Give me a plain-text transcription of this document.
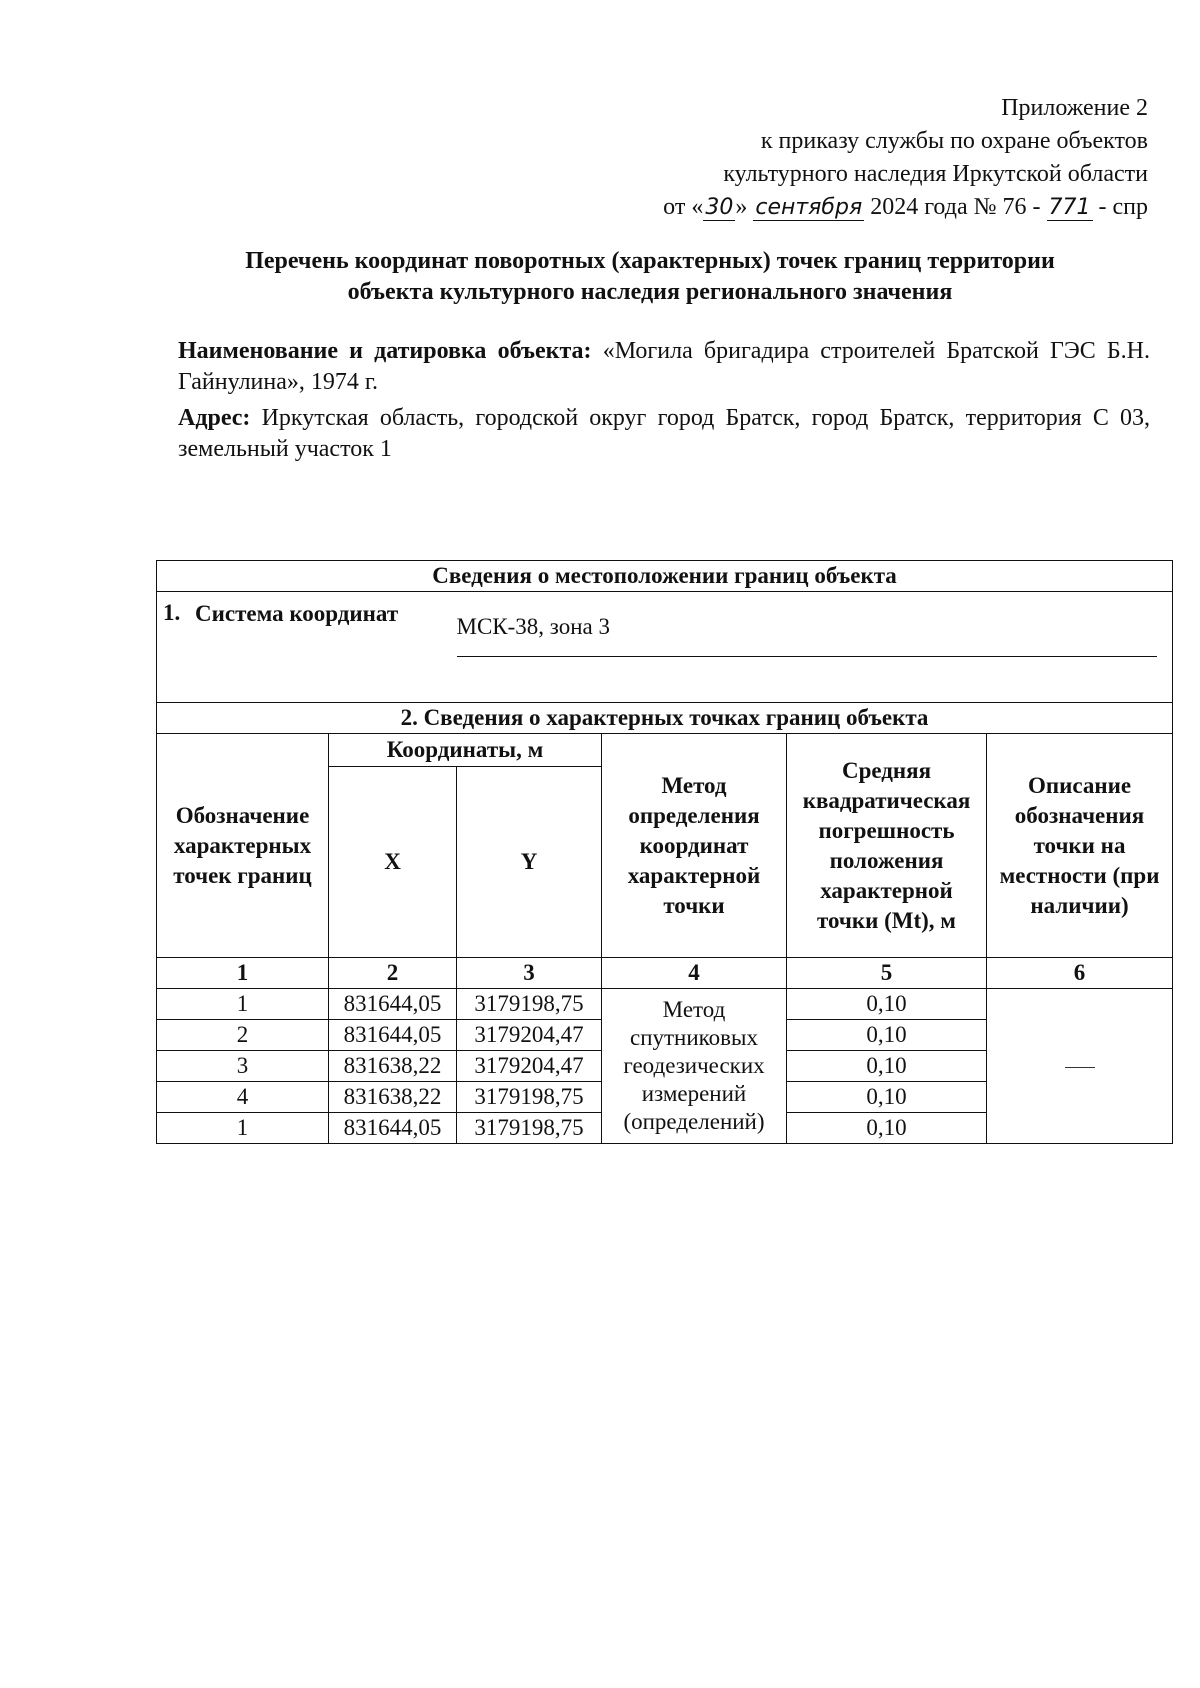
Приложение 2
к приказу службы по охране объектов
культурного наследия Иркутской области
от «30» сентября 2024 года № 76 - 771 - спр
Перечень координат поворотных (характерных) точек границ территории
объекта культурного наследия регионального значения

Наименование и датировка объекта: «Могила бригадира строителей Братской ГЭС Б.Н. Гайнулина», 1974 г.

Адрес: Иркутская область, городской округ город Братск, город Братск, территория С 03, земельный участок 1

Сведения о местоположении границ объекта					

1. Система координат		МСК-38, зона 3			

2. Сведения о характерных точках границ объекта					
Обозначение характерных точек границ	Координаты, м		Метод определения координат характерной точки	Средняя квадратическая погрешность положения характерной точки (Mt), м	Описание обозначения точки на местности (при наличии)
	X	Y			
1	2	3	4	5	6
1	831644,05	3179198,75	Метод спутниковых геодезических измерений (определений)	0,10	
2	831644,05	3179204,47		0,10	
3	831638,22	3179204,47		0,10	
4	831638,22	3179198,75		0,10	
1	831644,05	3179198,75		0,10	
